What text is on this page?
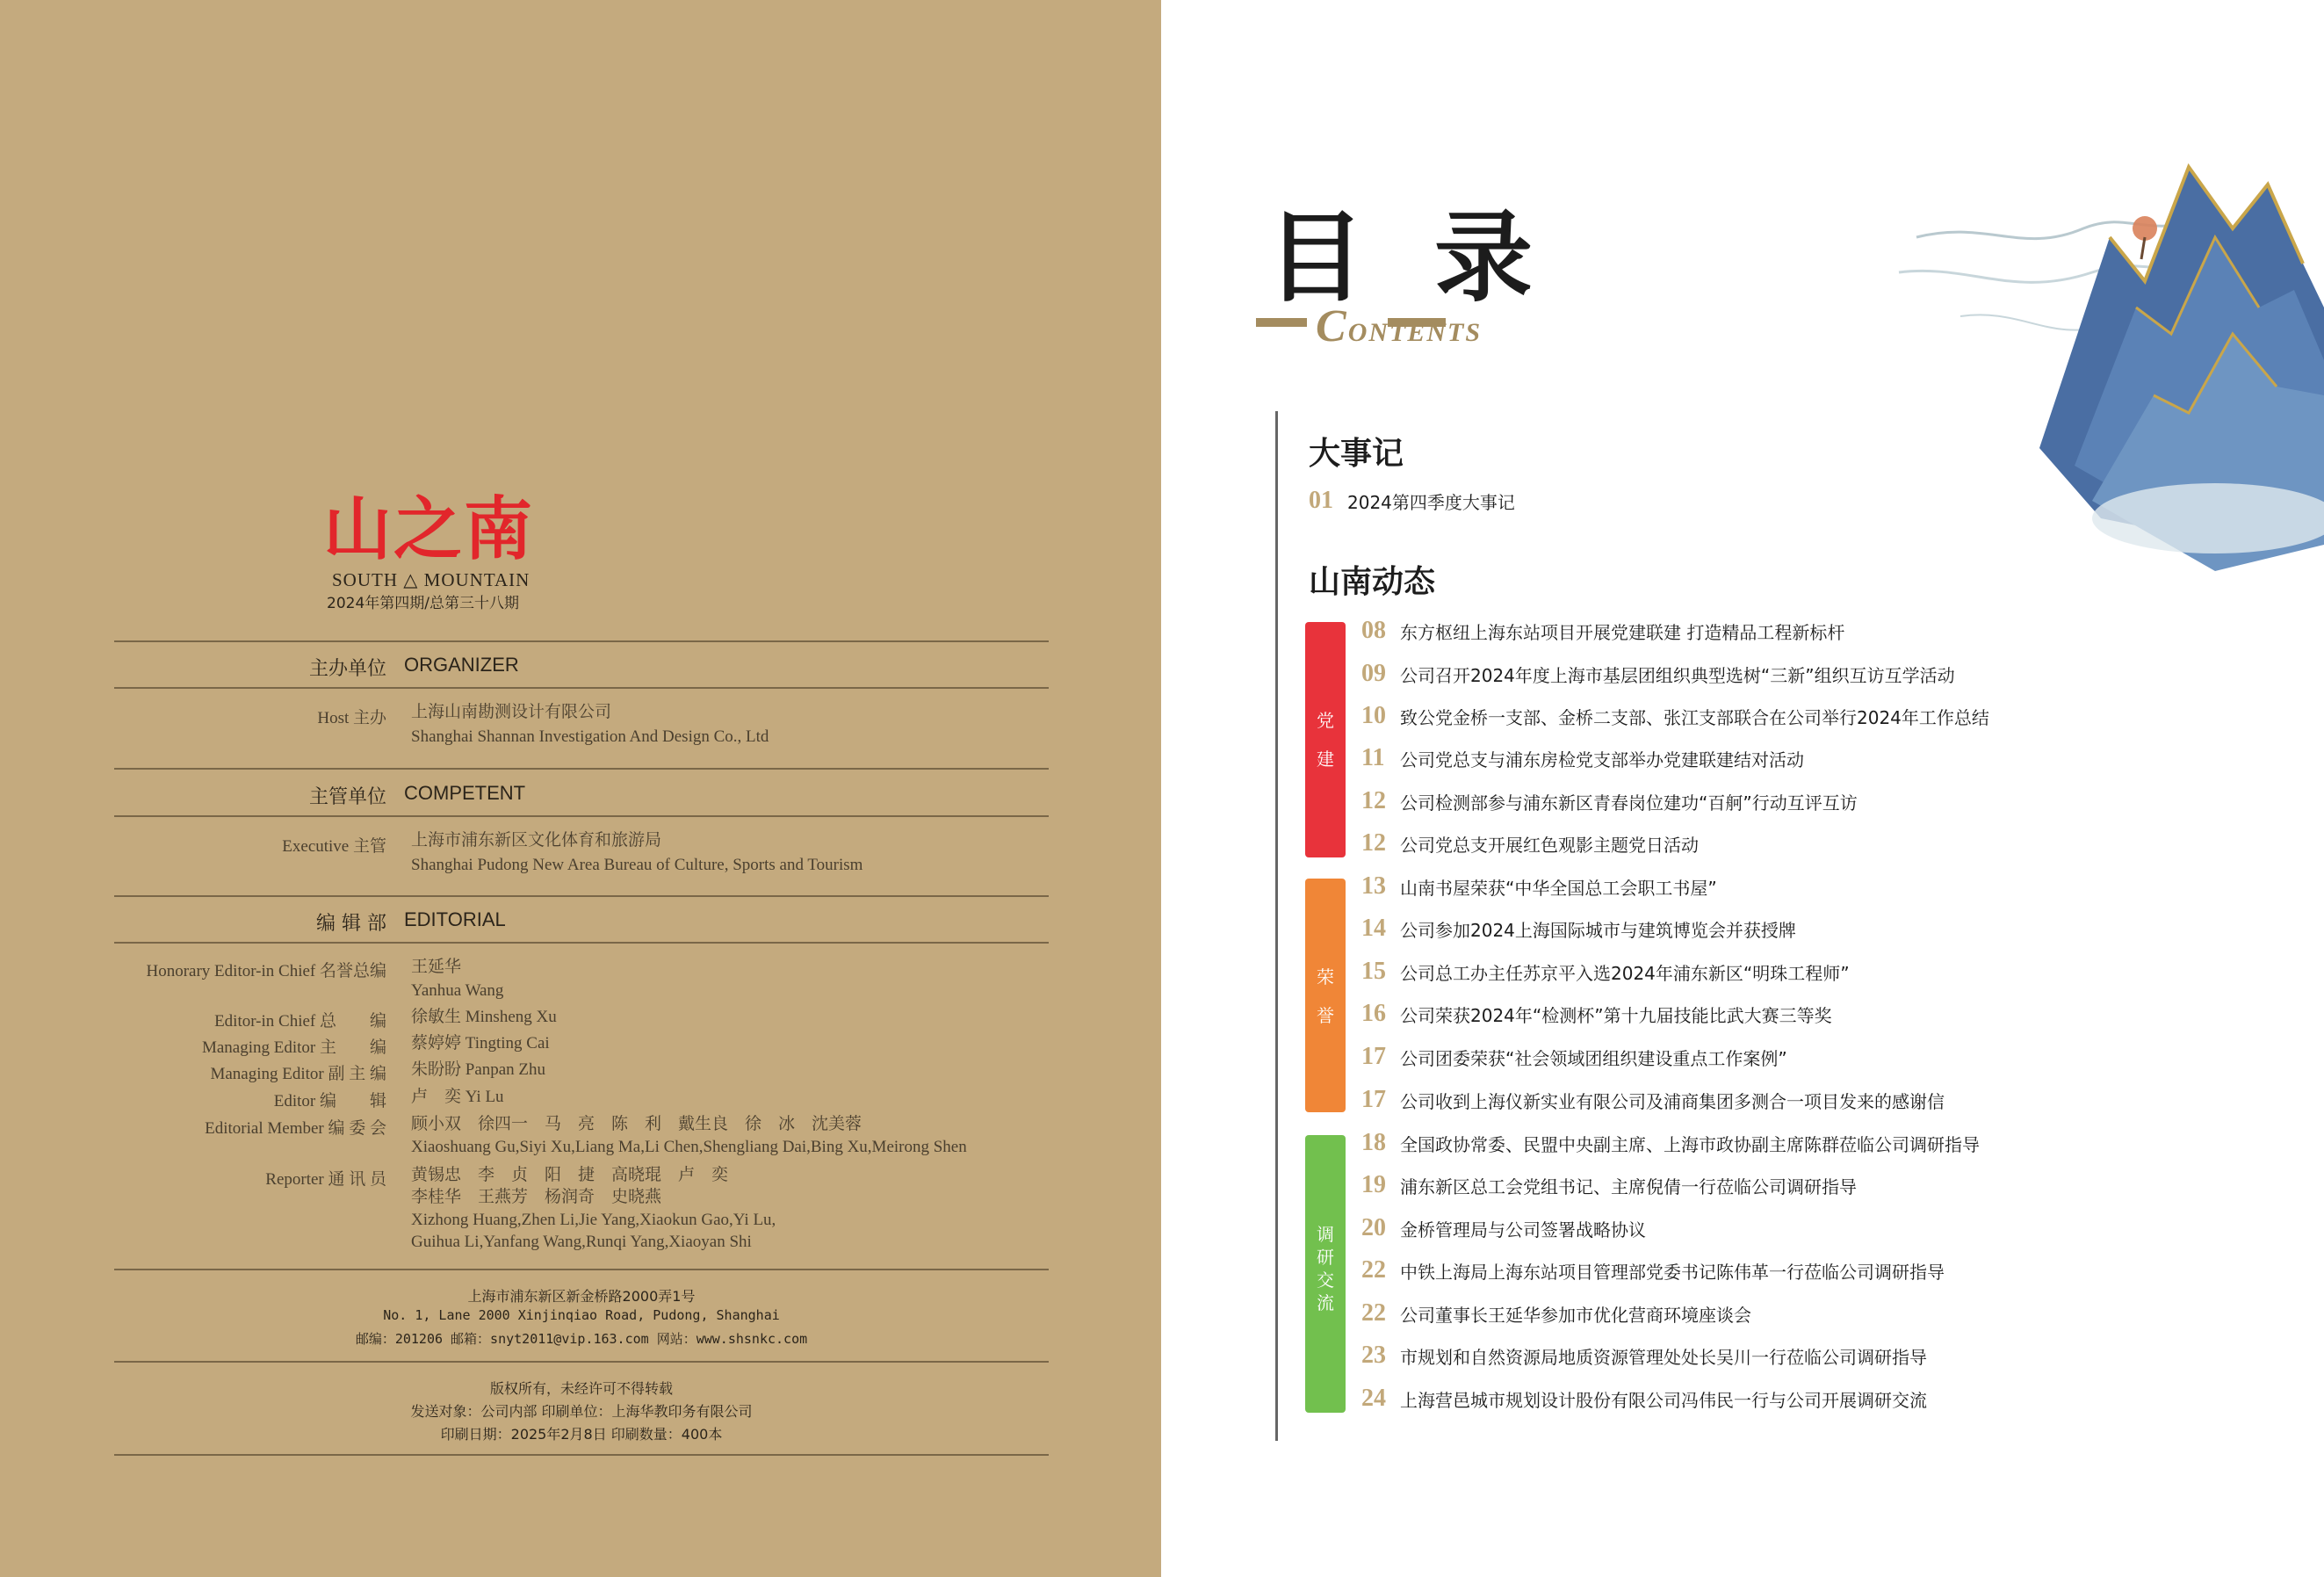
山之南
SOUTH △ MOUNTAIN
2024年第四期/总第三十八期
主办单位 ORGANIZER
Host 主办 上海山南勘测设计有限公司
Shanghai Shannan Investigation And Design Co., Ltd
主管单位 COMPETENT
Executive 主管 上海市浦东新区文化体育和旅游局
Shanghai Pudong New Area Bureau of Culture, Sports and Tourism
编 辑 部 EDITORIAL
Honorary Editor-in Chief 名誉总编 王延华
Yanhua Wang
Editor-in Chief 总　　编 徐敏生 Minsheng Xu
Managing Editor 主　　编 蔡婷婷 Tingting Cai
Managing Editor 副 主 编 朱盼盼 Panpan Zhu
Editor 编　　辑 卢　奕 Yi Lu
Editorial Member 编 委 会 顾小双　徐四一　马　亮　陈　利　戴生良　徐　冰　沈美蓉
Xiaoshuang Gu,Siyi Xu,Liang Ma,Li Chen,Shengliang Dai,Bing Xu,Meirong Shen
Reporter 通 讯 员 黄锡忠　李　贞　阳　捷　高晓琨　卢　奕
李桂华　王燕芳　杨润奇　史晓燕
Xizhong Huang,Zhen Li,Jie Yang,Xiaokun Gao,Yi Lu,
Guihua Li,Yanfang Wang,Runqi Yang,Xiaoyan Shi
上海市浦东新区新金桥路2000弄1号
No. 1, Lane 2000 Xinjinqiao Road, Pudong, Shanghai
邮编：201206 邮箱：snyt2011@vip.163.com 网站：www.shsnkc.com
版权所有，未经许可不得转载
发送对象：公司内部 印刷单位：上海华教印务有限公司
印刷日期：2025年2月8日 印刷数量：400本
目 录
CONTENTS
大事记
01 2024第四季度大事记
山南动态
党
建
荣
誉
调
研
交
流
08 东方枢纽上海东站项目开展党建联建 打造精品工程新标杆
09 公司召开2024年度上海市基层团组织典型选树“三新”组织互访互学活动
10 致公党金桥一支部、金桥二支部、张江支部联合在公司举行2024年工作总结
11 公司党总支与浦东房检党支部举办党建联建结对活动
12 公司检测部参与浦东新区青春岗位建功“百舸”行动互评互访
12 公司党总支开展红色观影主题党日活动
13 山南书屋荣获“中华全国总工会职工书屋”
14 公司参加2024上海国际城市与建筑博览会并获授牌
15 公司总工办主任苏京平入选2024年浦东新区“明珠工程师”
16 公司荣获2024年“检测杯”第十九届技能比武大赛三等奖
17 公司团委荣获“社会领域团组织建设重点工作案例”
17 公司收到上海仪新实业有限公司及浦商集团多测合一项目发来的感谢信
18 全国政协常委、民盟中央副主席、上海市政协副主席陈群莅临公司调研指导
19 浦东新区总工会党组书记、主席倪倩一行莅临公司调研指导
20 金桥管理局与公司签署战略协议
22 中铁上海局上海东站项目管理部党委书记陈伟革一行莅临公司调研指导
22 公司董事长王延华参加市优化营商环境座谈会
23 市规划和自然资源局地质资源管理处处长吴川一行莅临公司调研指导
24 上海营邑城市规划设计股份有限公司冯伟民一行与公司开展调研交流
